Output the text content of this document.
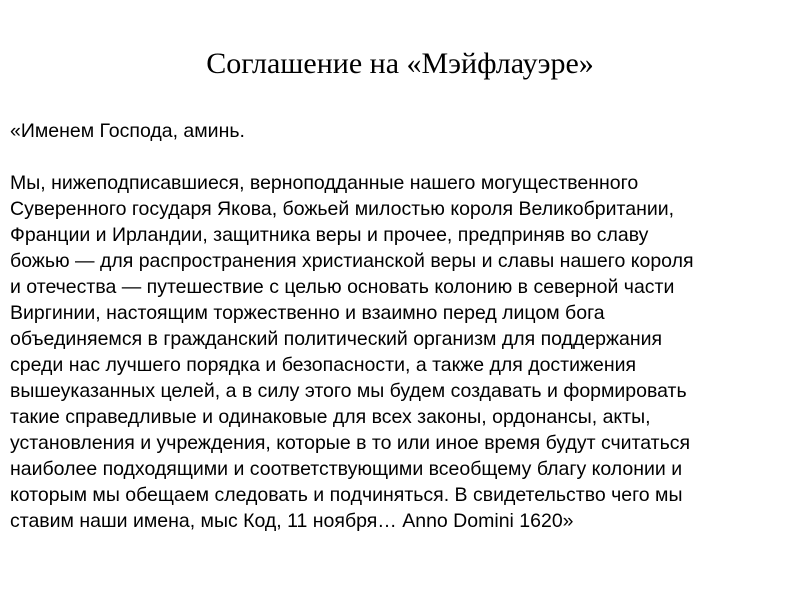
Соглашение на «Мэйфлауэре»
«Именем Господа, аминь.
Мы, нижеподписавшиеся, верноподданные нашего могущественного
Суверенного государя Якова, божьей милостью короля Великобритании,
Франции и Ирландии, защитника веры и прочее, предприняв во славу
божью — для распространения христианской веры и славы нашего короля
и отечества — путешествие с целью основать колонию в северной части
Виргинии, настоящим торжественно и взаимно перед лицом бога
объединяемся в гражданский политический организм для поддержания
среди нас лучшего порядка и безопасности, а также для достижения
вышеуказанных целей, а в силу этого мы будем создавать и формировать
такие справедливые и одинаковые для всех законы, ордонансы, акты,
установления и учреждения, которые в то или иное время будут считаться
наиболее подходящими и соответствующими всеобщему благу колонии и
которым мы обещаем следовать и подчиняться. В свидетельство чего мы
ставим наши имена, мыс Код, 11 ноября… Anno Domini 1620»
